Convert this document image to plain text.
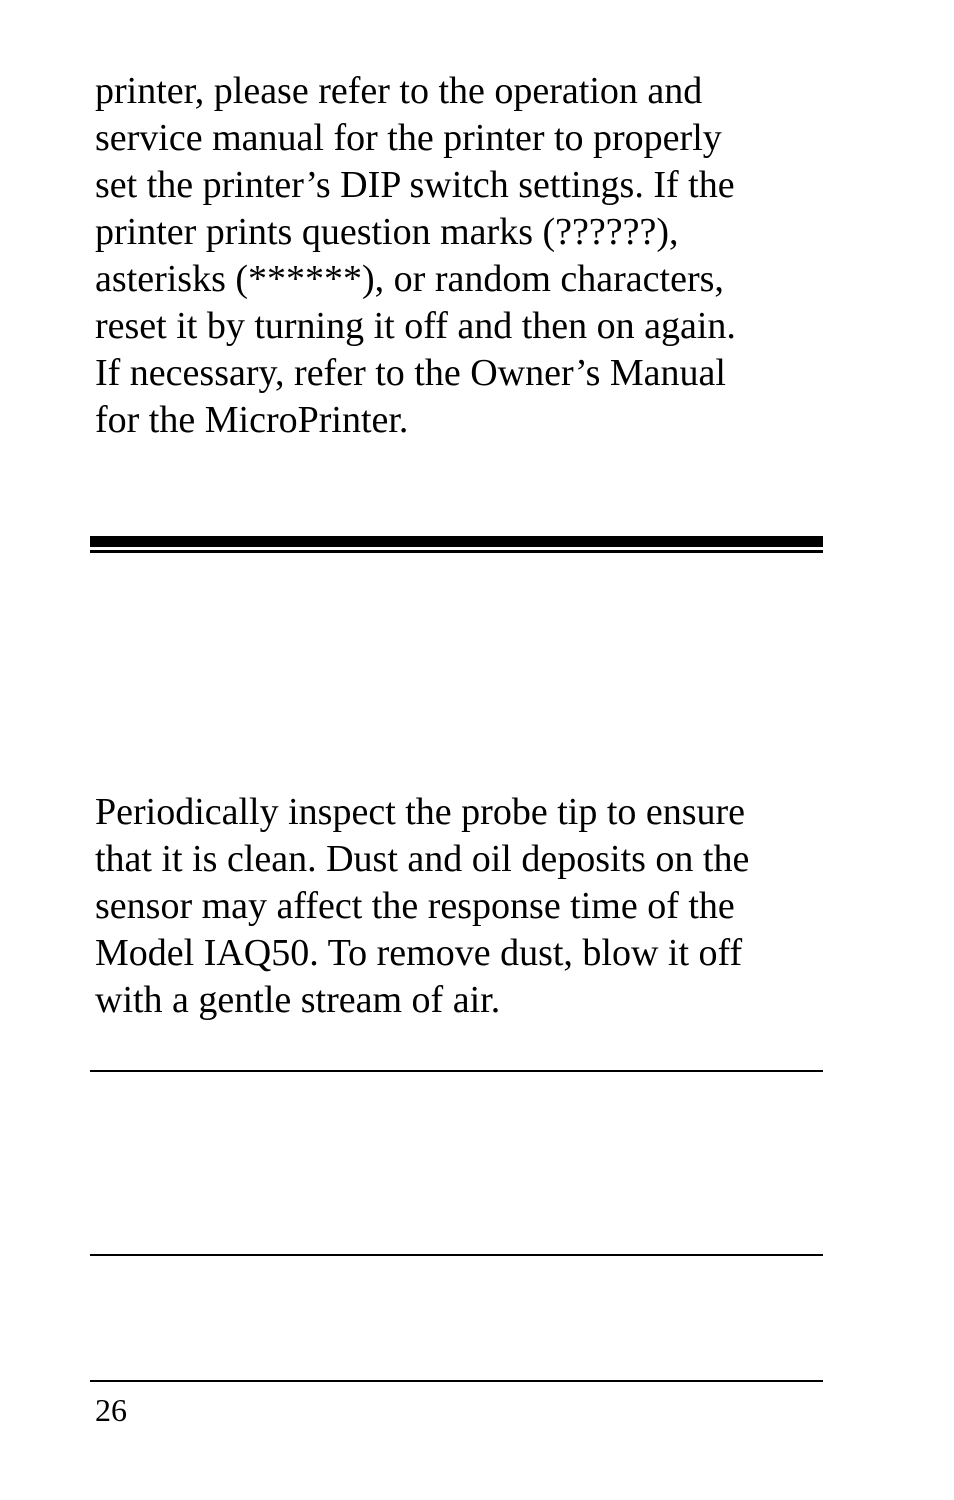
printer, please refer to the operation and
service manual for the printer to properly
set the printer’s DIP switch settings. If the
printer prints question marks (??????),
asterisks (******), or random characters,
reset it by turning it off and then on again.
If necessary, refer to the Owner’s Manual
for the MicroPrinter.

Periodically inspect the probe tip to ensure
that it is clean. Dust and oil deposits on the
sensor may affect the response time of the
Model IAQ50. To remove dust, blow it off
with a gentle stream of air.

26
